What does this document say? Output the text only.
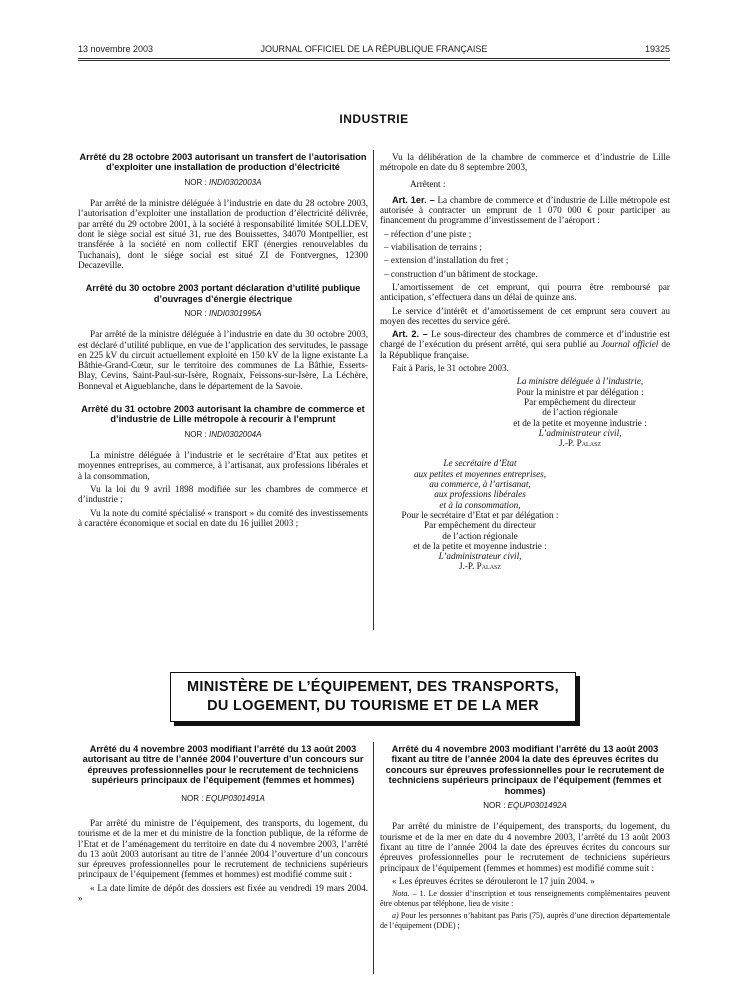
13 novembre 2003	JOURNAL OFFICIEL DE LA RÉPUBLIQUE FRANÇAISE	19325
INDUSTRIE
Arrêté du 28 octobre 2003 autorisant un transfert de l’autorisation d’exploiter une installation de production d’électricité
NOR : INDI0302003A

Par arrêté de la ministre déléguée à l’industrie en date du 28 octobre 2003, l’autorisation d’exploiter une installation de production d’électricité délivrée, par arrêté du 29 octobre 2001, à la société à responsabilité limitée SOLLDEV, dont le siège social est situé 31, rue des Bouissettes, 34070 Montpellier, est transférée à la société en nom collectif ERT (énergies renouvelables du Tuchanais), dont le siège social est situé ZI de Fontvergnes, 12300 Decazeville.

Arrêté du 30 octobre 2003 portant déclaration d’utilité publique d’ouvrages d’énergie électrique
NOR : INDI0301995A

Par arrêté de la ministre déléguée à l’industrie en date du 30 octobre 2003, est déclaré d’utilité publique, en vue de l’application des servitudes, le passage en 225 kV du circuit actuellement exploité en 150 kV de la ligne existante La Bâthie-Grand-Cœur, sur le territoire des communes de La Bâthie, Esserts-Blay, Cevins, Saint-Paul-sur-Isère, Rognaix, Feissons-sur-Isère, La Léchère, Bonneval et Aigueblanche, dans le département de la Savoie.

Arrêté du 31 octobre 2003 autorisant la chambre de commerce et d’industrie de Lille métropole à recourir à l’emprunt
NOR : INDI0302004A

La ministre déléguée à l’industrie et le secrétaire d’Etat aux petites et moyennes entreprises, au commerce, à l’artisanat, aux professions libérales et à la consommation,

Vu la loi du 9 avril 1898 modifiée sur les chambres de commerce et d’industrie ;

Vu la note du comité spécialisé « transport » du comité des investissements à caractère économique et social en date du 16 juillet 2003 ;

Vu la délibération de la chambre de commerce et d’industrie de Lille métropole en date du 8 septembre 2003,

Arrêtent :

Art. 1er. – La chambre de commerce et d’industrie de Lille métropole est autorisée à contracter un emprunt de 1 070 000 € pour participer au financement du programme d’investissement de l’aéroport :

– réfection d’une piste ;

– viabilisation de terrains ;

– extension d’installation du fret ;

– construction d’un bâtiment de stockage.

L’amortissement de cet emprunt, qui pourra être remboursé par anticipation, s’effectuera dans un délai de quinze ans.

Le service d’intérêt et d’amortissement de cet emprunt sera couvert au moyen des recettes du service géré.

Art. 2. – Le sous-directeur des chambres de commerce et d’industrie est chargé de l’exécution du présent arrêté, qui sera publié au Journal officiel de la République française.

Fait à Paris, le 31 octobre 2003.

La ministre déléguée à l’industrie,

Pour la ministre et par délégation :

Par empêchement du directeur

de l’action régionale

et de la petite et moyenne industrie :

L’administrateur civil,

J.-P. Palasz

Le secrétaire d’Etat

aux petites et moyennes entreprises,

au commerce, à l’artisanat,

aux professions libérales

et à la consommation,

Pour le secrétaire d’Etat et par délégation :

Par empêchement du directeur

de l’action régionale

et de la petite et moyenne industrie :

L’administrateur civil,

J.-P. Palasz

MINISTÈRE DE L’ÉQUIPEMENT, DES TRANSPORTS,
DU LOGEMENT, DU TOURISME ET DE LA MER
Arrêté du 4 novembre 2003 modifiant l’arrêté du 13 août 2003 autorisant au titre de l’année 2004 l’ouverture d’un concours sur épreuves professionnelles pour le recrutement de techniciens supérieurs principaux de l’équipement (femmes et hommes)
NOR : EQUP0301491A

Par arrêté du ministre de l’équipement, des transports, du logement, du tourisme et de la mer et du ministre de la fonction publique, de la réforme de l’Etat et de l’aménagement du territoire en date du 4 novembre 2003, l’arrêté du 13 août 2003 autorisant au titre de l’année 2004 l’ouverture d’un concours sur épreuves professionnelles pour le recrutement de techniciens supérieurs principaux de l’équipement (femmes et hommes) est modifié comme suit :

« La date limite de dépôt des dossiers est fixée au vendredi 19 mars 2004. »

Arrêté du 4 novembre 2003 modifiant l’arrêté du 13 août 2003 fixant au titre de l’année 2004 la date des épreuves écrites du concours sur épreuves professionnelles pour le recrutement de techniciens supérieurs principaux de l’équipement (femmes et hommes)
NOR : EQUP0301492A

Par arrêté du ministre de l’équipement, des transports, du logement, du tourisme et de la mer en date du 4 novembre 2003, l’arrêté du 13 août 2003 fixant au titre de l’année 2004 la date des épreuves écrites du concours sur épreuves professionnelles pour le recrutement de techniciens supérieurs principaux de l’équipement (femmes et hommes) est modifié comme suit :

« Les épreuves écrites se dérouleront le 17 juin 2004. »

Nota. – 1. Le dossier d’inscription et tous renseignements complémentaires peuvent être obtenus par téléphone, lieu de visite :

a) Pour les personnes n’habitant pas Paris (75), auprès d’une direction départementale de l’équipement (DDE) ;
